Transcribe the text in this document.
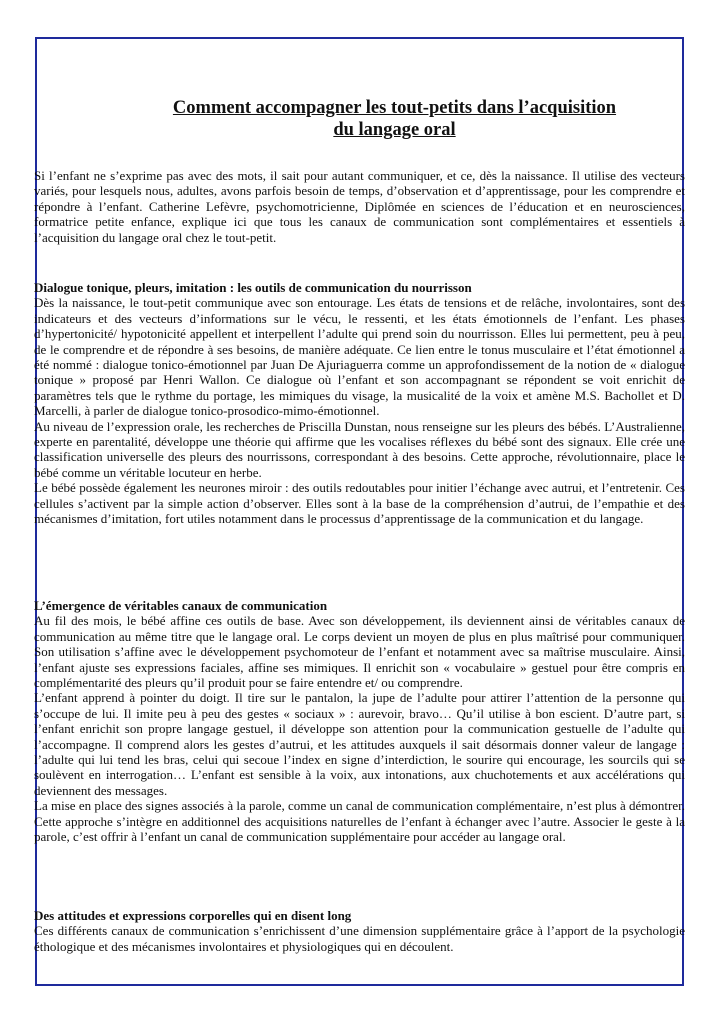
Comment accompagner les tout-petits dans l’acquisition
du langage oral

Si l’enfant ne s’exprime pas avec des mots, il sait pour autant communiquer, et ce, dès la naissance. Il utilise des vecteurs variés, pour lesquels nous, adultes, avons parfois besoin de temps, d’observation et d’apprentissage, pour les comprendre et répondre à l’enfant. Catherine Lefèvre, psychomotricienne, Diplômée en sciences de l’éducation et en neurosciences, formatrice petite enfance, explique ici que tous les canaux de communication sont complémentaires et essentiels à l’acquisition du langage oral chez le tout-petit.

Dialogue tonique, pleurs, imitation : les outils de communication du nourrisson

Dès la naissance, le tout-petit communique avec son entourage. Les états de tensions et de relâche, involontaires, sont des indicateurs et des vecteurs d’informations sur le vécu, le ressenti, et les états émotionnels de l’enfant. Les phases d’hypertonicité/ hypotonicité appellent et interpellent l’adulte qui prend soin du nourrisson. Elles lui permettent, peu à peu, de le comprendre et de répondre à ses besoins, de manière adéquate. Ce lien entre le tonus musculaire et l’état émotionnel a été nommé : dialogue tonico-émotionnel par Juan De Ajuriaguerra comme un approfondissement de la notion de « dialogue tonique » proposé par Henri Wallon. Ce dialogue où l’enfant et son accompagnant se répondent se voit enrichit de paramètres tels que le rythme du portage, les mimiques du visage, la musicalité de la voix et amène M.S. Bachollet et D. Marcelli, à parler de dialogue tonico-prosodico-mimo-émotionnel.

Au niveau de l’expression orale, les recherches de Priscilla Dunstan, nous renseigne sur les pleurs des bébés. L’Australienne, experte en parentalité, développe une théorie qui affirme que les vocalises réflexes du bébé sont des signaux. Elle crée une classification universelle des pleurs des nourrissons, correspondant à des besoins. Cette approche, révolutionnaire, place le bébé comme un véritable locuteur en herbe.

Le bébé possède également les neurones miroir : des outils redoutables pour initier l’échange avec autrui, et l’entretenir. Ces cellules s’activent par la simple action d’observer. Elles sont à la base de la compréhension d’autrui, de l’empathie et des mécanismes d’imitation, fort utiles notamment dans le processus d’apprentissage de la communication et du langage.

L’émergence de véritables canaux de communication

Au fil des mois, le bébé affine ces outils de base. Avec son développement, ils deviennent ainsi de véritables canaux de communication au même titre que le langage oral. Le corps devient un moyen de plus en plus maîtrisé pour communiquer. Son utilisation s’affine avec le développement psychomoteur de l’enfant et notamment avec sa maîtrise musculaire. Ainsi, l’enfant ajuste ses expressions faciales, affine ses mimiques. Il enrichit son « vocabulaire » gestuel pour être compris en complémentarité des pleurs qu’il produit pour se faire entendre et/ ou comprendre.

L’enfant apprend à pointer du doigt. Il tire sur le pantalon, la jupe de l’adulte pour attirer l’attention de la personne qui s’occupe de lui. Il imite peu à peu des gestes « sociaux » : aurevoir, bravo… Qu’il utilise à bon escient. D’autre part, si l’enfant enrichit son propre langage gestuel, il développe son attention pour la communication gestuelle de l’adulte qui l’accompagne. Il comprend alors les gestes d’autrui, et les attitudes auxquels il sait désormais donner valeur de langage : l’adulte qui lui tend les bras, celui qui secoue l’index en signe d’interdiction, le sourire qui encourage, les sourcils qui se soulèvent en interrogation… L’enfant est sensible à la voix, aux intonations, aux chuchotements et aux accélérations qui deviennent des messages.

La mise en place des signes associés à la parole, comme un canal de communication complémentaire, n’est plus à démontrer. Cette approche s’intègre en additionnel des acquisitions naturelles de l’enfant à échanger avec l’autre. Associer le geste à la parole, c’est offrir à l’enfant un canal de communication supplémentaire pour accéder au langage oral.

Des attitudes et expressions corporelles qui en disent long

Ces différents canaux de communication s’enrichissent d’une dimension supplémentaire grâce à l’apport de la psychologie éthologique et des mécanismes involontaires et physiologiques qui en découlent.
